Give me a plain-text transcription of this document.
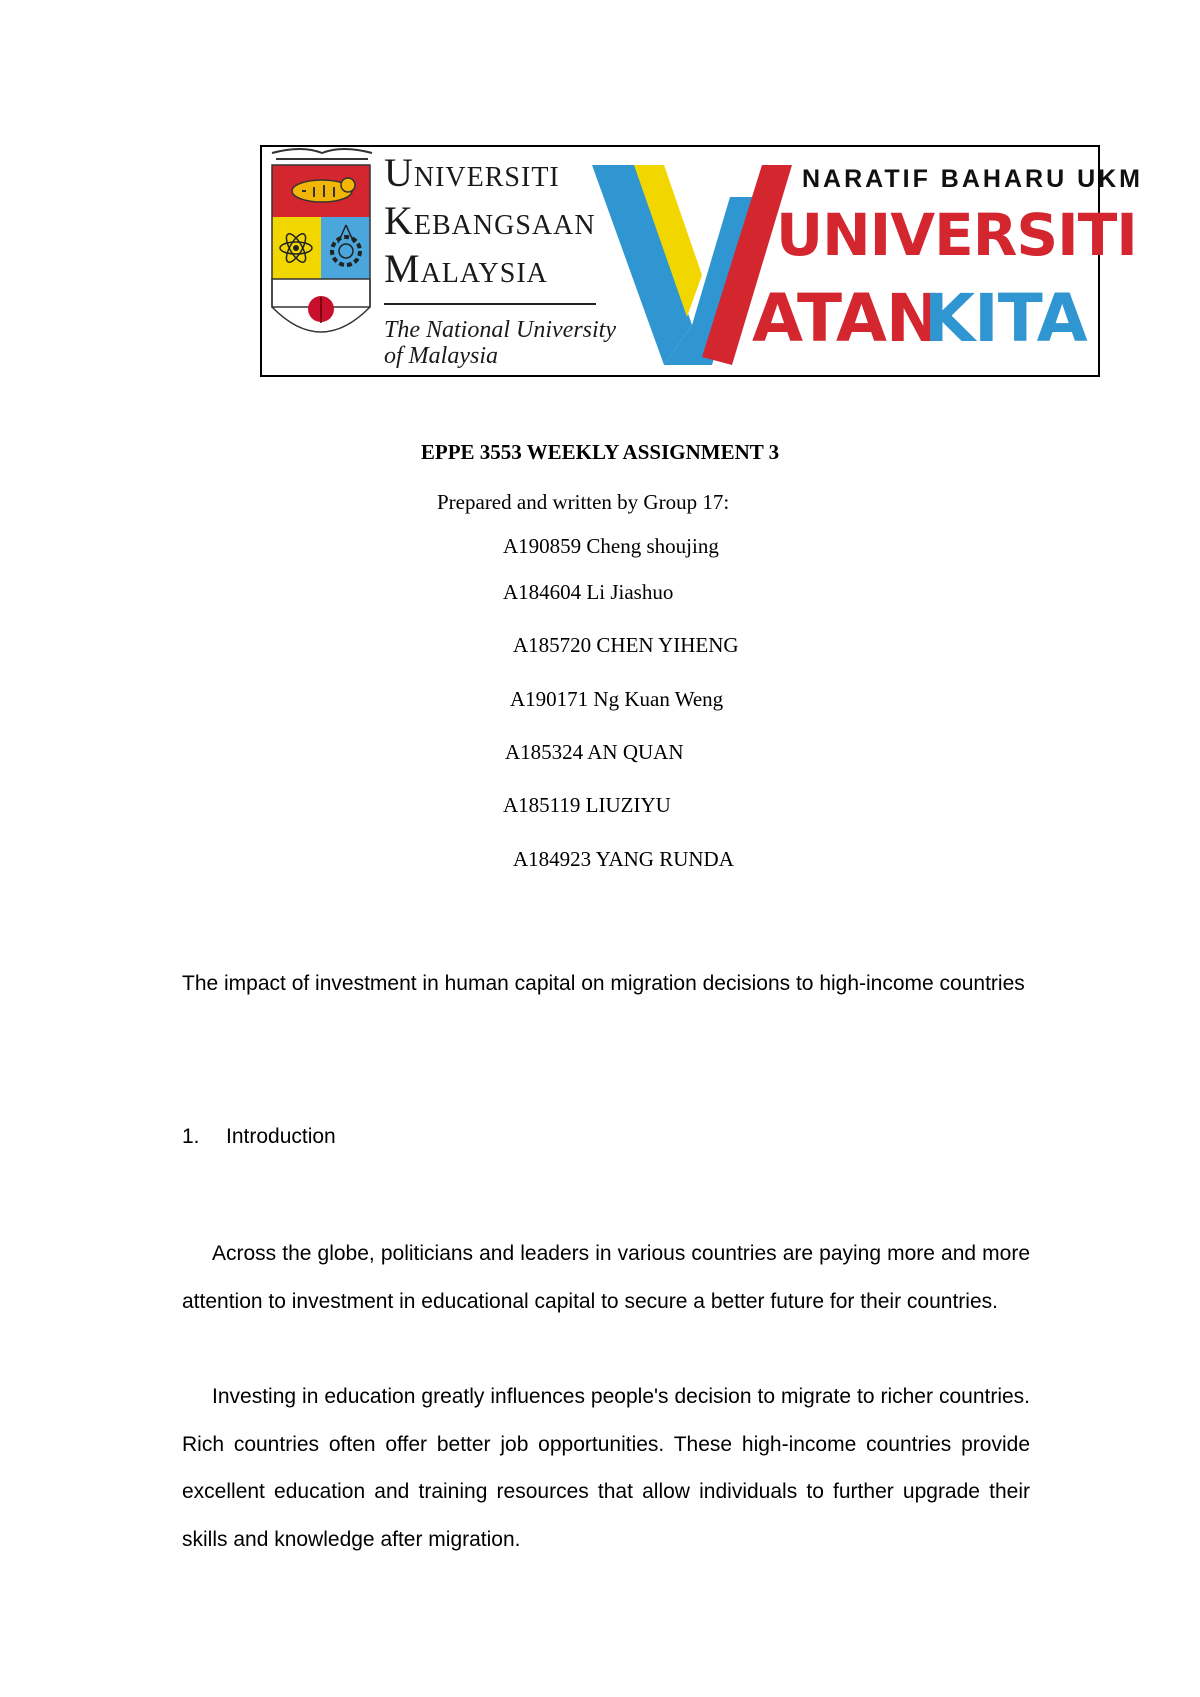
UNIVERSITI
KEBANGSAAN
MALAYSIA
The National University
of Malaysia
NARATIF BAHARU UKM
UNIVERSITI
ATAN
KITA
EPPE 3553 WEEKLY ASSIGNMENT 3
Prepared and written by Group 17:
A190859 Cheng shoujing
A184604 Li Jiashuo
A185720 CHEN YIHENG
A190171 Ng Kuan Weng
A185324 AN QUAN
A185119 LIUZIYU
A184923 YANG RUNDA
The impact of investment in human capital on migration decisions to high-income countries
1. Introduction
Across the globe, politicians and leaders in various countries are paying more and more attention to investment in educational capital to secure a better future for their countries.
Investing in education greatly influences people's decision to migrate to richer countries. Rich countries often offer better job opportunities. These high-income countries provide excellent education and training resources that allow individuals to further upgrade their skills and knowledge after migration.
